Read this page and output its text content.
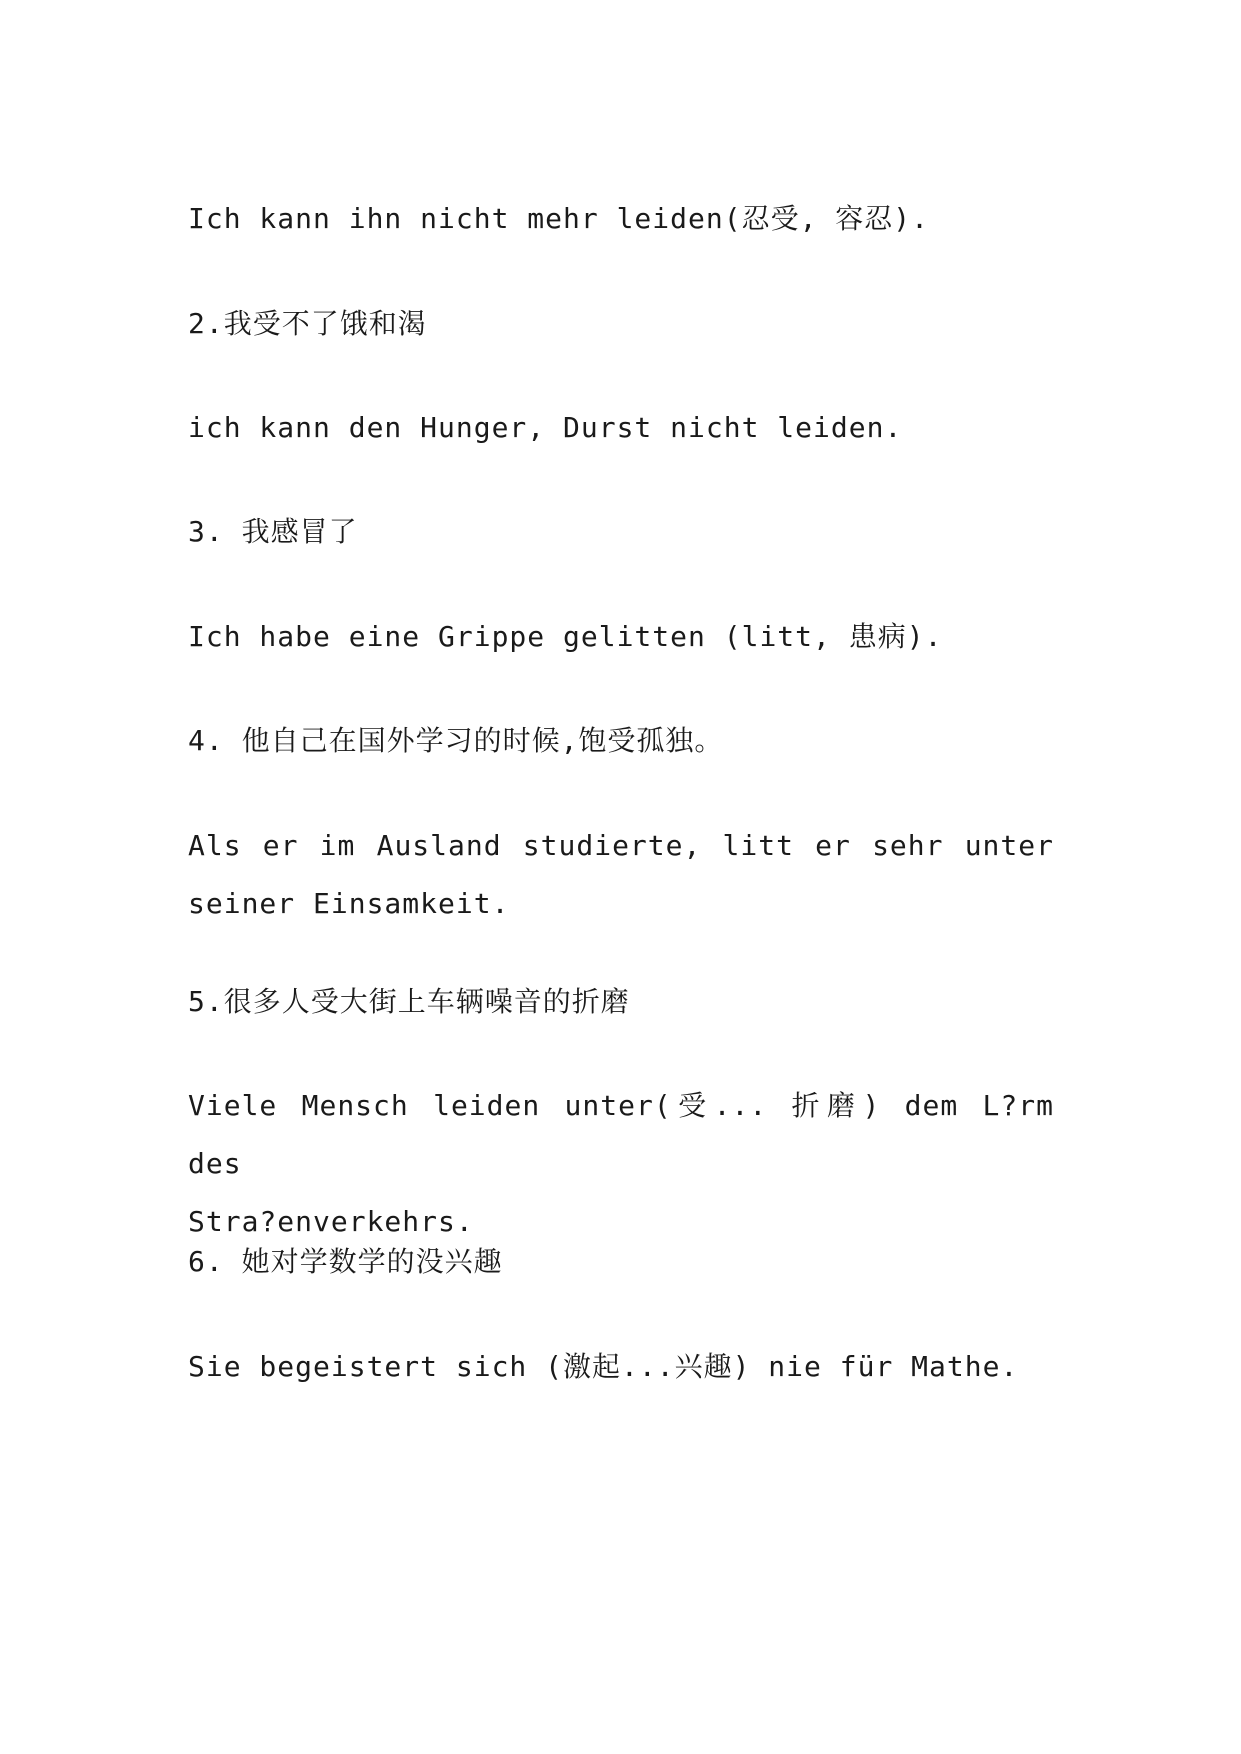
Ich kann ihn nicht mehr leiden(忍受, 容忍).
2.我受不了饿和渴
ich kann den Hunger, Durst nicht leiden.
3. 我感冒了
Ich habe eine Grippe gelitten (litt, 患病).
4. 他自己在国外学习的时候,饱受孤独。
Als er im Ausland studierte, litt er sehr unter
seiner Einsamkeit.
5.很多人受大街上车辆噪音的折磨
Viele Mensch leiden unter(受... 折磨) dem L?rm des
Stra?enverkehrs.
6. 她对学数学的没兴趣
Sie begeistert sich (激起...兴趣) nie für Mathe.
